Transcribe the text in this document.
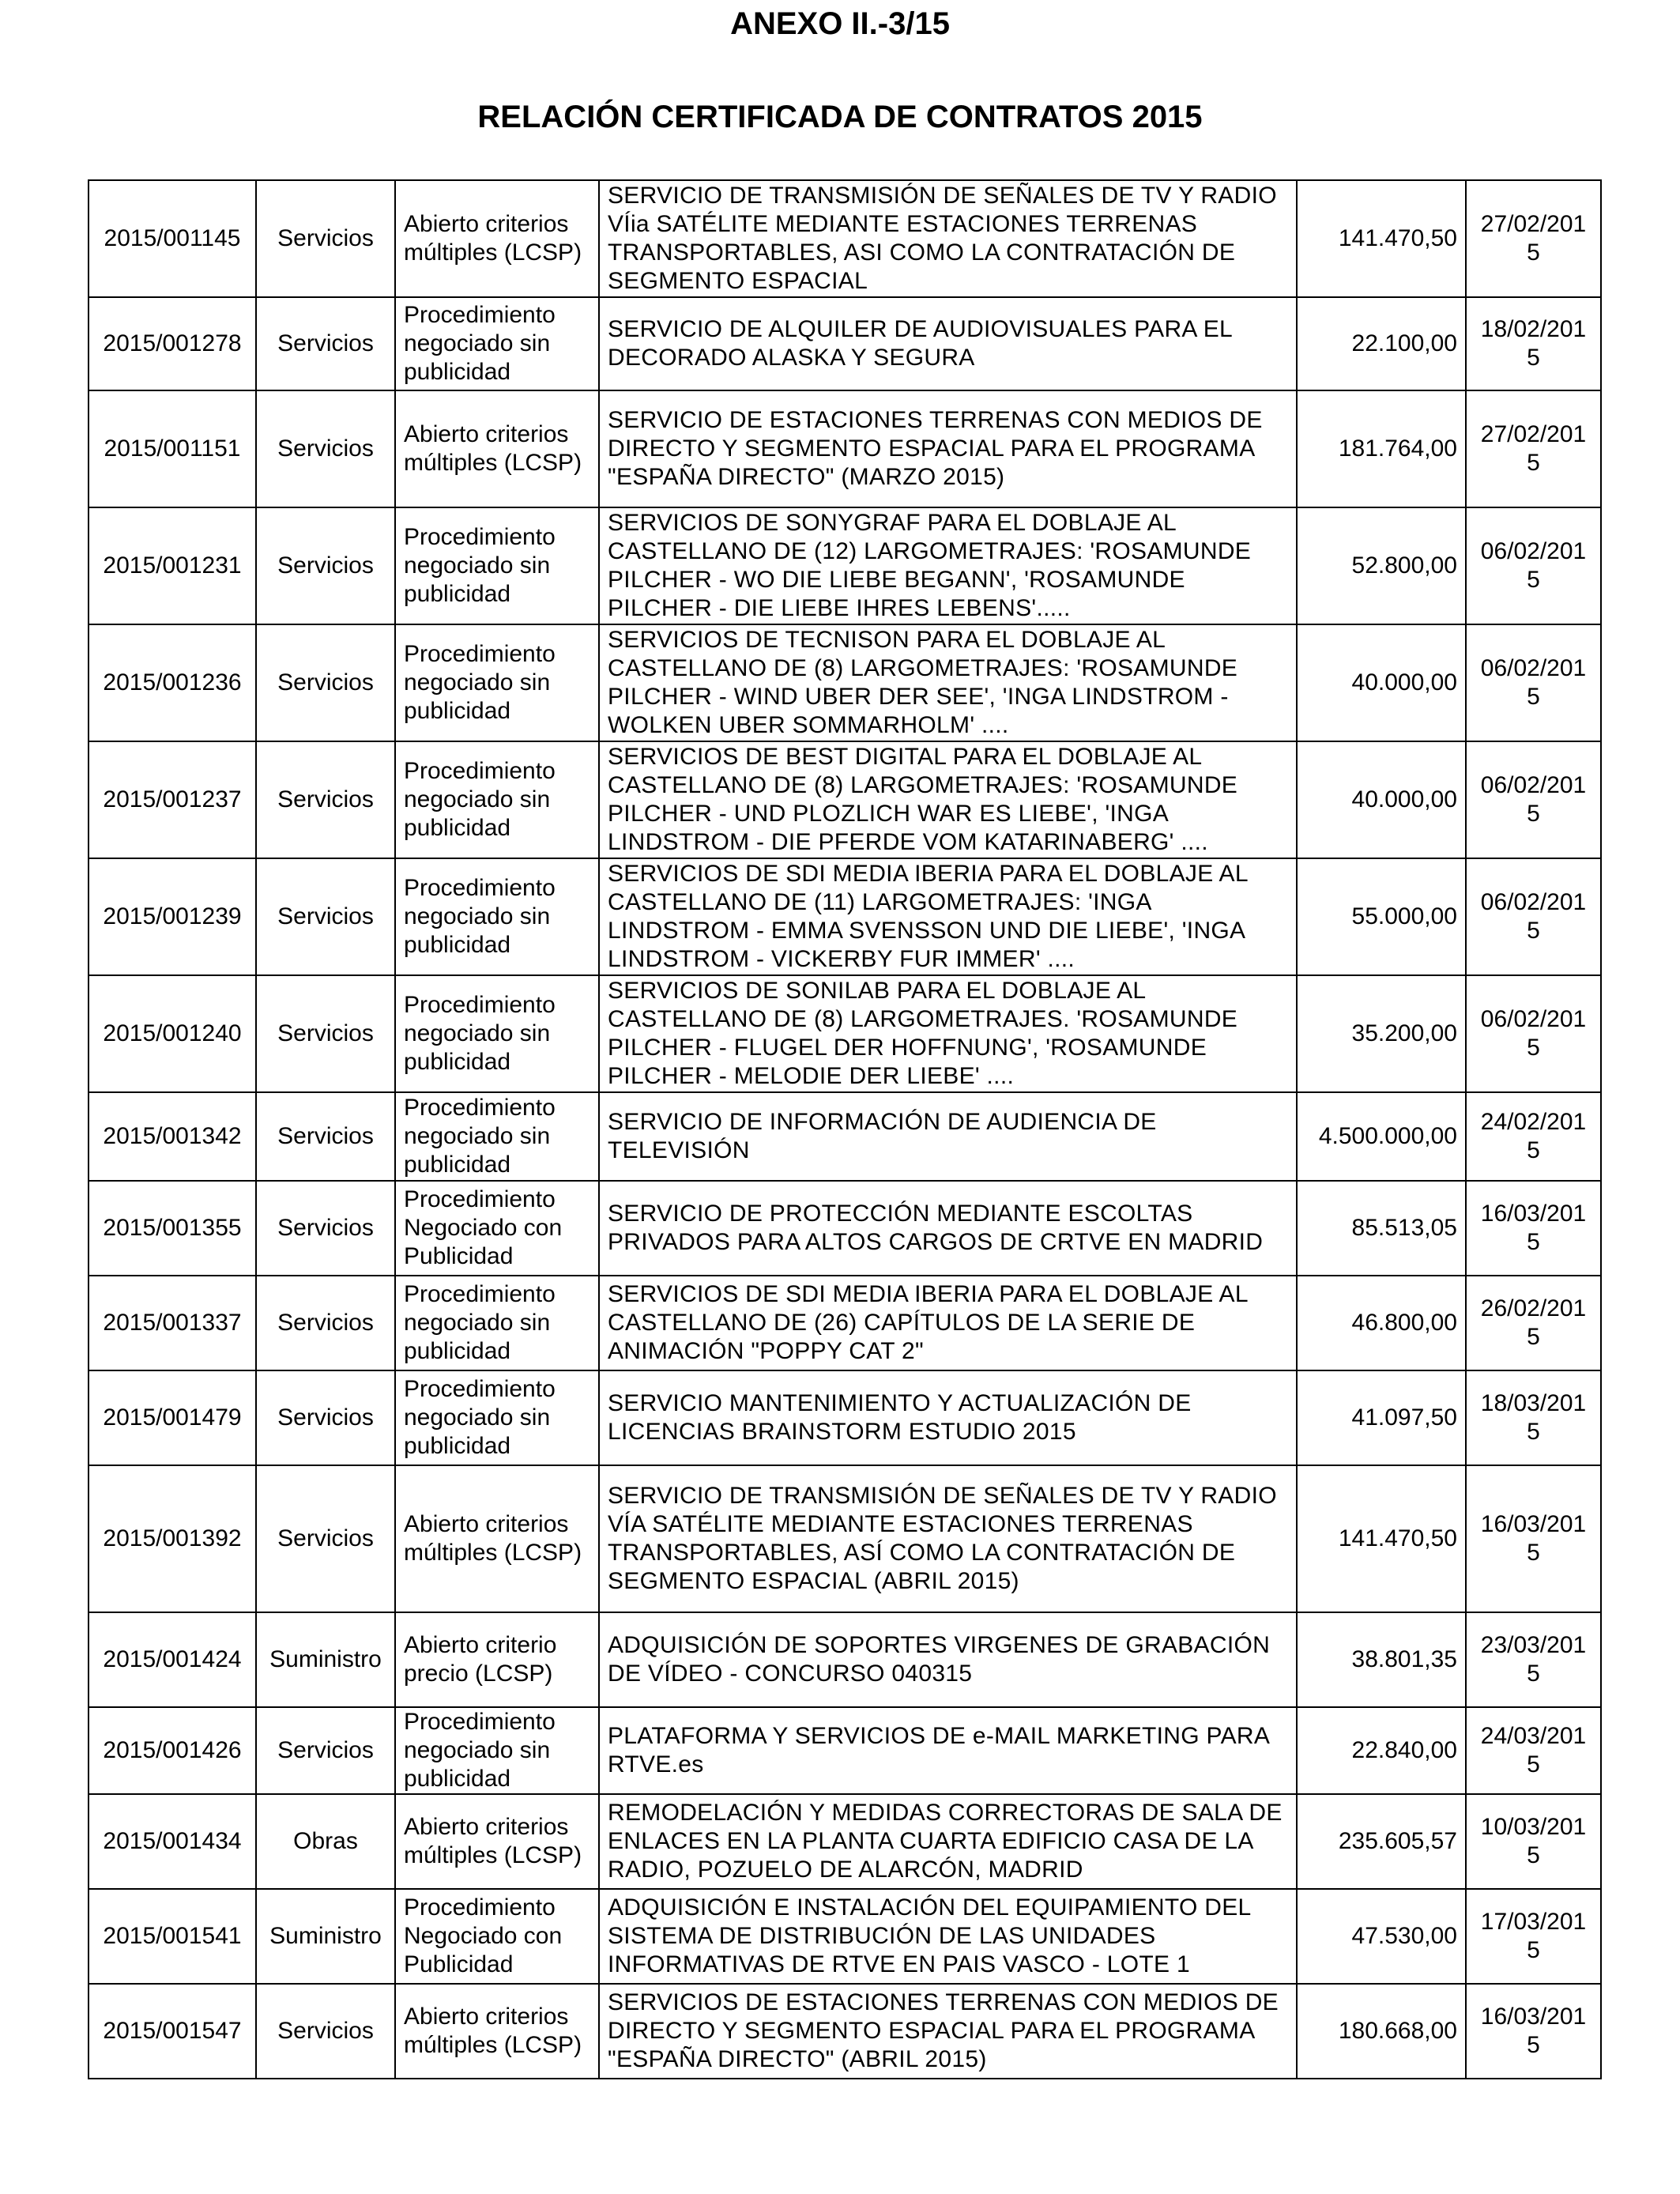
ANEXO II.-3/15
RELACIÓN CERTIFICADA DE CONTRATOS 2015
2015/001145	Servicios	Abierto criterios múltiples (LCSP)	SERVICIO DE TRANSMISIÓN DE SEÑALES DE TV Y RADIO VÍia SATÉLITE MEDIANTE ESTACIONES TERRENAS TRANSPORTABLES, ASI COMO LA CONTRATACIÓN DE SEGMENTO ESPACIAL	141.470,50	27/02/2015
2015/001278	Servicios	Procedimiento negociado sin publicidad	SERVICIO DE ALQUILER DE AUDIOVISUALES PARA EL DECORADO ALASKA Y SEGURA	22.100,00	18/02/2015
2015/001151	Servicios	Abierto criterios múltiples (LCSP)	SERVICIO DE ESTACIONES TERRENAS CON MEDIOS DE DIRECTO Y SEGMENTO ESPACIAL PARA EL PROGRAMA "ESPAÑA DIRECTO" (MARZO 2015)	181.764,00	27/02/2015
2015/001231	Servicios	Procedimiento negociado sin publicidad	SERVICIOS DE SONYGRAF PARA EL DOBLAJE AL CASTELLANO DE (12) LARGOMETRAJES: 'ROSAMUNDE PILCHER - WO DIE LIEBE BEGANN', 'ROSAMUNDE PILCHER - DIE LIEBE IHRES LEBENS'.....	52.800,00	06/02/2015
2015/001236	Servicios	Procedimiento negociado sin publicidad	SERVICIOS DE TECNISON PARA EL DOBLAJE AL CASTELLANO DE (8) LARGOMETRAJES: 'ROSAMUNDE PILCHER - WIND UBER DER SEE', 'INGA LINDSTROM - WOLKEN UBER SOMMARHOLM' ....	40.000,00	06/02/2015
2015/001237	Servicios	Procedimiento negociado sin publicidad	SERVICIOS DE BEST DIGITAL PARA EL DOBLAJE AL CASTELLANO DE (8) LARGOMETRAJES: 'ROSAMUNDE PILCHER - UND PLOZLICH WAR ES LIEBE', 'INGA LINDSTROM - DIE PFERDE VOM KATARINABERG' ....	40.000,00	06/02/2015
2015/001239	Servicios	Procedimiento negociado sin publicidad	SERVICIOS DE SDI MEDIA IBERIA PARA EL DOBLAJE AL CASTELLANO DE (11) LARGOMETRAJES: 'INGA LINDSTROM - EMMA SVENSSON UND DIE LIEBE', 'INGA LINDSTROM - VICKERBY FUR IMMER' ....	55.000,00	06/02/2015
2015/001240	Servicios	Procedimiento negociado sin publicidad	SERVICIOS DE SONILAB PARA EL DOBLAJE AL CASTELLANO DE (8) LARGOMETRAJES. 'ROSAMUNDE PILCHER - FLUGEL DER HOFFNUNG', 'ROSAMUNDE PILCHER - MELODIE DER LIEBE' ....	35.200,00	06/02/2015
2015/001342	Servicios	Procedimiento negociado sin publicidad	SERVICIO DE INFORMACIÓN DE AUDIENCIA DE TELEVISIÓN	4.500.000,00	24/02/2015
2015/001355	Servicios	Procedimiento Negociado con Publicidad	SERVICIO DE PROTECCIÓN MEDIANTE ESCOLTAS PRIVADOS PARA ALTOS CARGOS DE CRTVE EN MADRID	85.513,05	16/03/2015
2015/001337	Servicios	Procedimiento negociado sin publicidad	SERVICIOS DE SDI MEDIA IBERIA PARA EL DOBLAJE AL CASTELLANO DE (26) CAPÍTULOS DE LA SERIE DE ANIMACIÓN "POPPY CAT 2"	46.800,00	26/02/2015
2015/001479	Servicios	Procedimiento negociado sin publicidad	SERVICIO MANTENIMIENTO Y ACTUALIZACIÓN DE LICENCIAS BRAINSTORM ESTUDIO 2015	41.097,50	18/03/2015
2015/001392	Servicios	Abierto criterios múltiples (LCSP)	SERVICIO DE TRANSMISIÓN DE SEÑALES DE TV Y RADIO VÍA SATÉLITE MEDIANTE ESTACIONES TERRENAS TRANSPORTABLES, ASÍ COMO LA CONTRATACIÓN DE SEGMENTO ESPACIAL (ABRIL 2015)	141.470,50	16/03/2015
2015/001424	Suministro	Abierto criterio precio (LCSP)	ADQUISICIÓN DE SOPORTES VIRGENES DE GRABACIÓN DE VÍDEO - CONCURSO 040315	38.801,35	23/03/2015
2015/001426	Servicios	Procedimiento negociado sin publicidad	PLATAFORMA Y SERVICIOS DE e-MAIL MARKETING PARA RTVE.es	22.840,00	24/03/2015
2015/001434	Obras	Abierto criterios múltiples (LCSP)	REMODELACIÓN Y MEDIDAS CORRECTORAS DE SALA DE ENLACES EN LA PLANTA CUARTA EDIFICIO CASA DE LA RADIO, POZUELO DE ALARCÓN, MADRID	235.605,57	10/03/2015
2015/001541	Suministro	Procedimiento Negociado con Publicidad	ADQUISICIÓN E INSTALACIÓN DEL EQUIPAMIENTO DEL SISTEMA DE DISTRIBUCIÓN DE LAS UNIDADES INFORMATIVAS DE RTVE EN PAIS VASCO - LOTE 1	47.530,00	17/03/2015
2015/001547	Servicios	Abierto criterios múltiples (LCSP)	SERVICIOS DE ESTACIONES TERRENAS CON MEDIOS DE DIRECTO Y SEGMENTO ESPACIAL PARA EL PROGRAMA "ESPAÑA DIRECTO" (ABRIL 2015)	180.668,00	16/03/2015
